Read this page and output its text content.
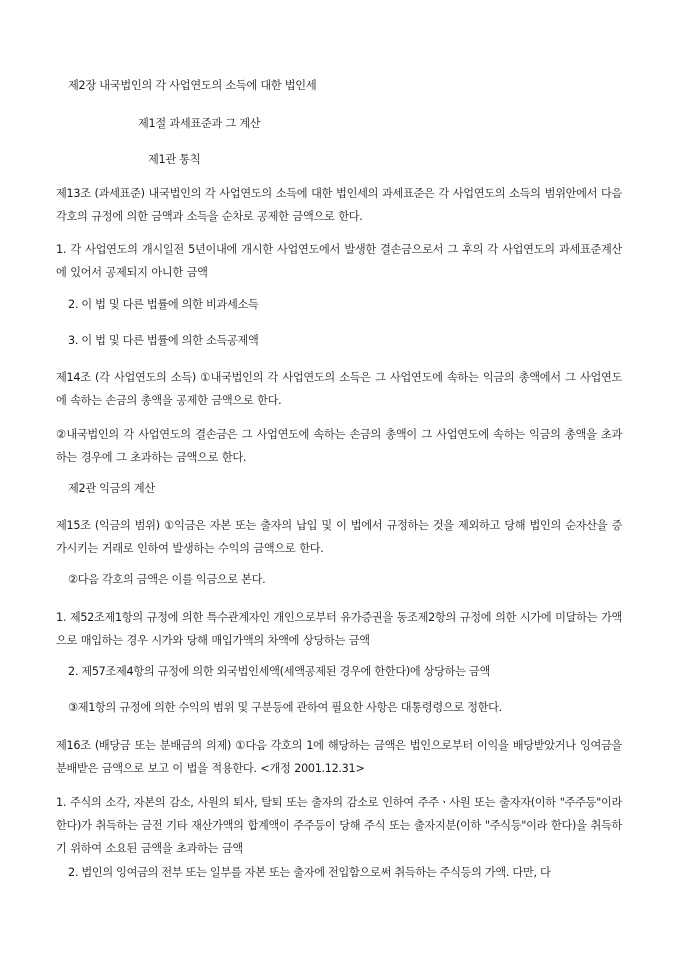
제2장 내국법인의 각 사업연도의 소득에 대한 법인세
제1절 과세표준과 그 계산
제1관 통칙
제13조 (과세표준) 내국법인의 각 사업연도의 소득에 대한 법인세의 과세표준은 각 사업연도의 소득의 범위안에서 다음 각호의 규정에 의한 금액과 소득을 순차로 공제한 금액으로 한다.
1. 각 사업연도의 개시일전 5년이내에 개시한 사업연도에서 발생한 결손금으로서 그 후의 각 사업연도의 과세표준계산에 있어서 공제되지 아니한 금액
2. 이 법 및 다른 법률에 의한 비과세소득
3. 이 법 및 다른 법률에 의한 소득공제액
제14조 (각 사업연도의 소득) ①내국법인의 각 사업연도의 소득은 그 사업연도에 속하는 익금의 총액에서 그 사업연도에 속하는 손금의 총액을 공제한 금액으로 한다.
②내국법인의 각 사업연도의 결손금은 그 사업연도에 속하는 손금의 총액이 그 사업연도에 속하는 익금의 총액을 초과하는 경우에 그 초과하는 금액으로 한다.
제2관 익금의 계산
제15조 (익금의 범위) ①익금은 자본 또는 출자의 납입 및 이 법에서 규정하는 것을 제외하고 당해 법인의 순자산을 증가시키는 거래로 인하여 발생하는 수익의 금액으로 한다.
②다음 각호의 금액은 이를 익금으로 본다.
1. 제52조제1항의 규정에 의한 특수관계자인 개인으로부터 유가증권을 동조제2항의 규정에 의한 시가에 미달하는 가액으로 매입하는 경우 시가와 당해 매입가액의 차액에 상당하는 금액
2. 제57조제4항의 규정에 의한 외국법인세액(세액공제된 경우에 한한다)에 상당하는 금액
③제1항의 규정에 의한 수익의 범위 및 구분등에 관하여 필요한 사항은 대통령령으로 정한다.
제16조 (배당금 또는 분배금의 의제) ①다음 각호의 1에 해당하는 금액은 법인으로부터 이익을 배당받았거나 잉여금을 분배받은 금액으로 보고 이 법을 적용한다. <개정 2001.12.31>
1. 주식의 소각, 자본의 감소, 사원의 퇴사, 탈퇴 또는 출자의 감소로 인하여 주주ㆍ사원 또는 출자자(이하 "주주등"이라 한다)가 취득하는 금전 기타 재산가액의 합계액이 주주등이 당해 주식 또는 출자지분(이하 "주식등"이라 한다)을 취득하기 위하여 소요된 금액을 초과하는 금액
2. 법인의 잉여금의 전부 또는 일부를 자본 또는 출자에 전입함으로써 취득하는 주식등의 가액. 다만, 다
